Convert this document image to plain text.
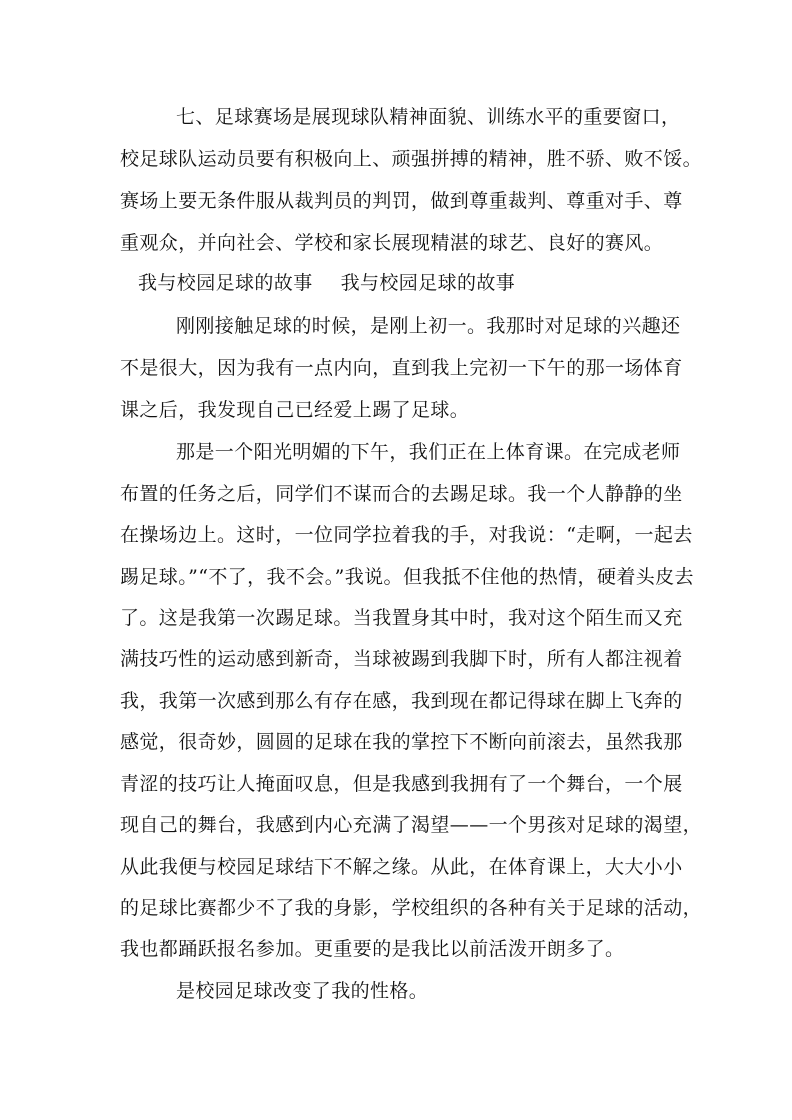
七、足球赛场是展现球队精神面貌、训练水平的重要窗口，
校足球队运动员要有积极向上、顽强拼搏的精神，胜不骄、败不馁。
赛场上要无条件服从裁判员的判罚，做到尊重裁判、尊重对手、尊
重观众，并向社会、学校和家长展现精湛的球艺、良好的赛风。
我与校园足球的故事 我与校园足球的故事
刚刚接触足球的时候，是刚上初一。我那时对足球的兴趣还
不是很大，因为我有一点内向，直到我上完初一下午的那一场体育
课之后，我发现自己已经爱上踢了足球。
那是一个阳光明媚的下午，我们正在上体育课。在完成老师
布置的任务之后，同学们不谋而合的去踢足球。我一个人静静的坐
在操场边上。这时，一位同学拉着我的手，对我说：“走啊，一起去
踢足球。”“不了，我不会。”我说。但我抵不住他的热情，硬着头皮去
了。这是我第一次踢足球。当我置身其中时，我对这个陌生而又充
满技巧性的运动感到新奇，当球被踢到我脚下时，所有人都注视着
我，我第一次感到那么有存在感，我到现在都记得球在脚上飞奔的
感觉，很奇妙，圆圆的足球在我的掌控下不断向前滚去，虽然我那
青涩的技巧让人掩面叹息，但是我感到我拥有了一个舞台，一个展
现自己的舞台，我感到内心充满了渴望——一个男孩对足球的渴望，
从此我便与校园足球结下不解之缘。从此，在体育课上，大大小小
的足球比赛都少不了我的身影，学校组织的各种有关于足球的活动，
我也都踊跃报名参加。更重要的是我比以前活泼开朗多了。
是校园足球改变了我的性格。
